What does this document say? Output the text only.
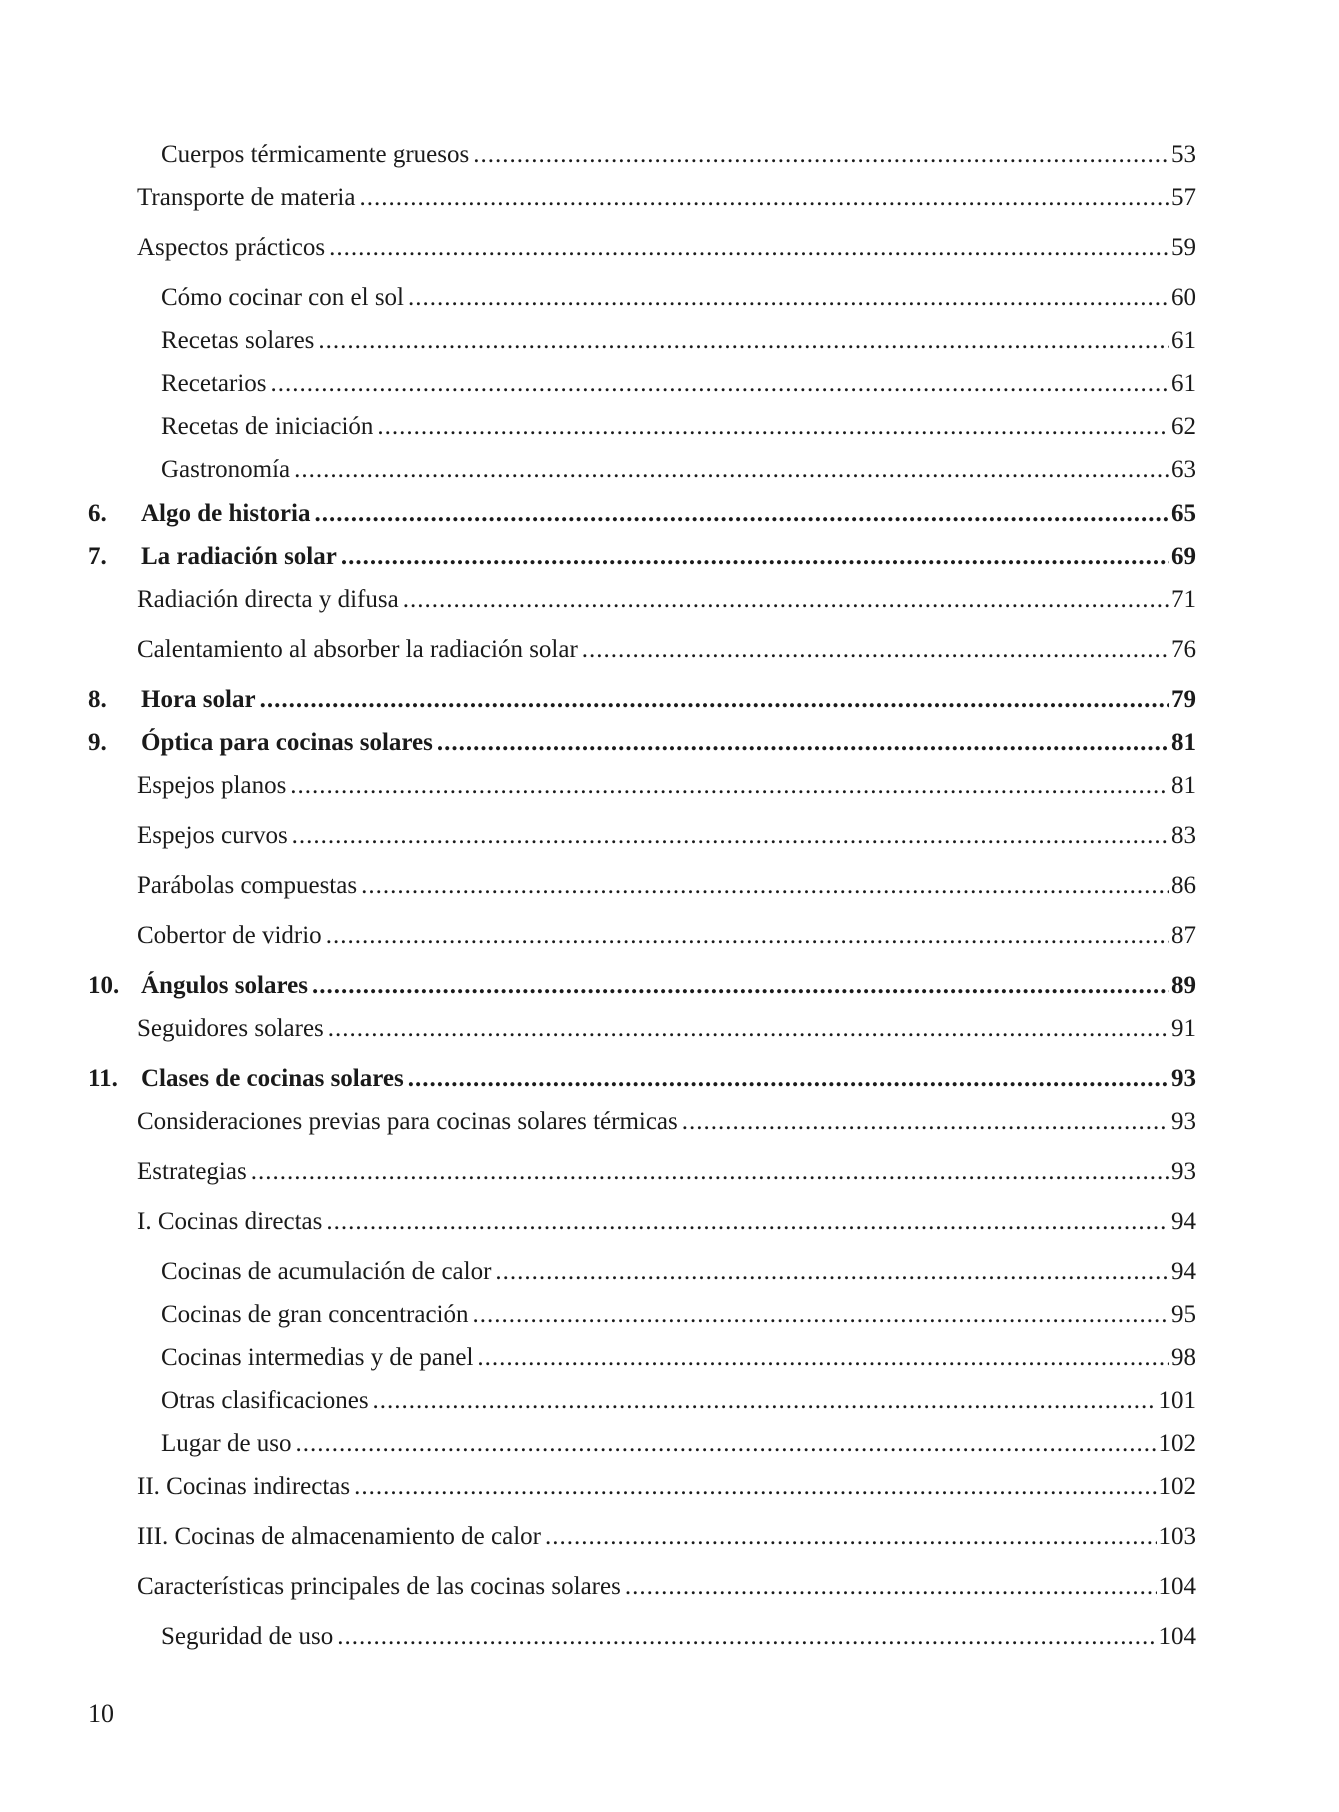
Cuerpos térmicamente gruesos .....	53
Transporte de materia .....	57
Aspectos prácticos .....	59
Cómo cocinar con el sol .....	60
Recetas solares .....	61
Recetarios .....	61
Recetas de iniciación .....	62
Gastronomía .....	63
6. Algo de historia .....	65
7. La radiación solar .....	69
Radiación directa y difusa .....	71
Calentamiento al absorber la radiación solar .....	76
8. Hora solar .....	79
9. Óptica para cocinas solares .....	81
Espejos planos .....	81
Espejos curvos .....	83
Parábolas compuestas .....	86
Cobertor de vidrio .....	87
10. Ángulos solares .....	89
Seguidores solares .....	91
11. Clases de cocinas solares .....	93
Consideraciones previas para cocinas solares térmicas .....	93
Estrategias .....	93
I. Cocinas directas .....	94
Cocinas de acumulación de calor .....	94
Cocinas de gran concentración .....	95
Cocinas intermedias y de panel .....	98
Otras clasificaciones .....	101
Lugar de uso .....	102
II. Cocinas indirectas .....	102
III. Cocinas de almacenamiento de calor .....	103
Características principales de las cocinas solares .....	104
Seguridad de uso .....	104
10
